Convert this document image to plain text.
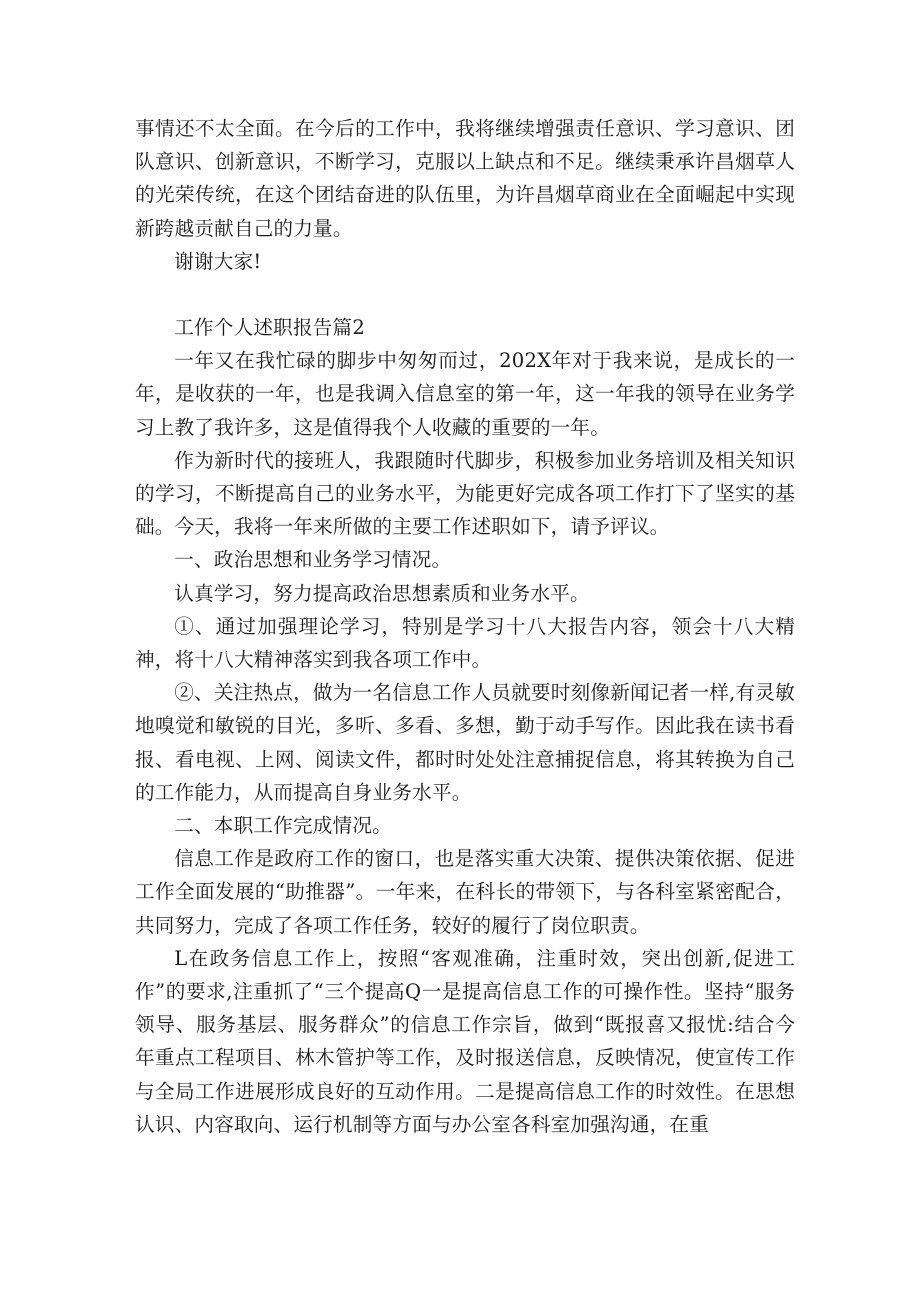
事情还不太全面。在今后的工作中，我将继续增强责任意识、学习意识、团队意识、创新意识，不断学习，克服以上缺点和不足。继续秉承许昌烟草人的光荣传统，在这个团结奋进的队伍里，为许昌烟草商业在全面崛起中实现新跨越贡献自己的力量。

谢谢大家!

工作个人述职报告篇2

一年又在我忙碌的脚步中匆匆而过，202X年对于我来说，是成长的一年，是收获的一年，也是我调入信息室的第一年，这一年我的领导在业务学习上教了我许多，这是值得我个人收藏的重要的一年。

作为新时代的接班人，我跟随时代脚步，积极参加业务培训及相关知识的学习，不断提高自己的业务水平，为能更好完成各项工作打下了坚实的基础。今天，我将一年来所做的主要工作述职如下，请予评议。

一、政治思想和业务学习情况。

认真学习，努力提高政治思想素质和业务水平。

①、通过加强理论学习，特别是学习十八大报告内容，领会十八大精神，将十八大精神落实到我各项工作中。

②、关注热点，做为一名信息工作人员就要时刻像新闻记者一样,有灵敏地嗅觉和敏锐的目光，多听、多看、多想，勤于动手写作。因此我在读书看报、看电视、上网、阅读文件，都时时处处注意捕捉信息，将其转换为自己的工作能力，从而提高自身业务水平。

二、本职工作完成情况。

信息工作是政府工作的窗口，也是落实重大决策、提供决策依据、促进工作全面发展的“助推器”。一年来，在科长的带领下，与各科室紧密配合，共同努力，完成了各项工作任务，较好的履行了岗位职责。

L在政务信息工作上，按照“客观准确，注重时效，突出创新,促进工作”的要求,注重抓了“三个提高Q一是提高信息工作的可操作性。坚持“服务领导、服务基层、服务群众”的信息工作宗旨，做到“既报喜又报忧:结合今年重点工程项目、林木管护等工作，及时报送信息，反映情况，使宣传工作与全局工作进展形成良好的互动作用。二是提高信息工作的时效性。在思想认识、内容取向、运行机制等方面与办公室各科室加强沟通，在重
